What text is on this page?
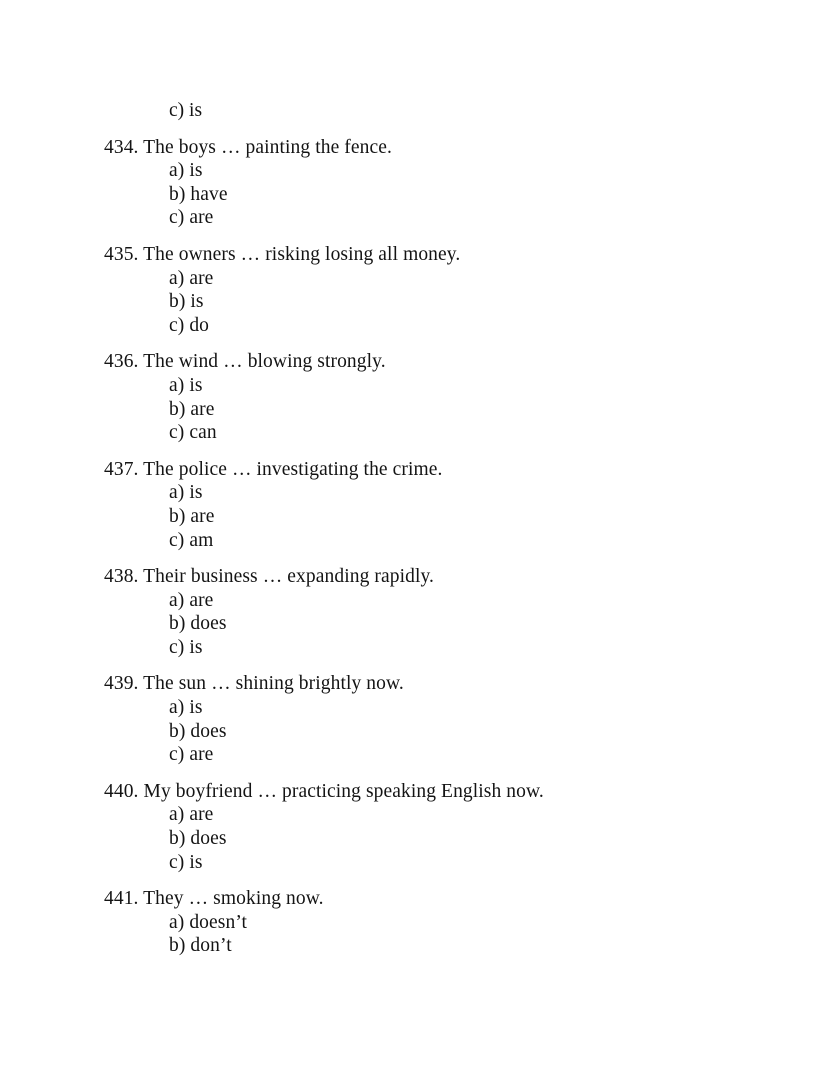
c) is

434. The boys … painting the fence.

a) is
b) have
c) are

435. The owners … risking losing all money.

a) are
b) is
c) do

436. The wind … blowing strongly.

a) is
b) are
c) can

437. The police … investigating the crime.

a) is
b) are
c) am

438. Their business … expanding rapidly.

a) are
b) does
c) is

439. The sun … shining brightly now.

a) is
b) does
c) are

440. My boyfriend … practicing speaking English now.

a) are
b) does
c) is

441. They … smoking now.

a) doesn’t
b) don’t
